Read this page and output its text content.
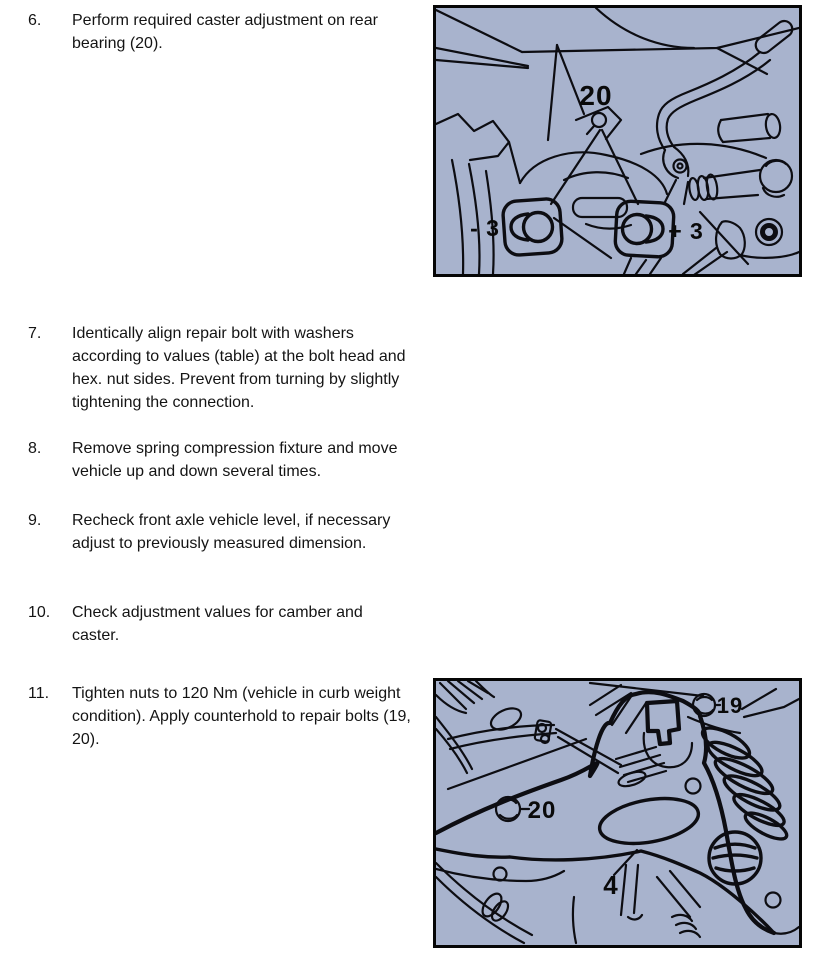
6.	Perform required caster adjustment on rear bearing (20).
7.	Identically align repair bolt with washers according to values (table) at the bolt head and hex. nut sides. Prevent from turning by slightly tightening the connection.
8.	Remove spring compression fixture and move vehicle up and down several times.
9.	Recheck front axle vehicle level, if necessary adjust to previously measured dimension.
10.	Check adjustment values for camber and caster.
11.	Tighten nuts to 120 Nm (vehicle in curb weight condition). Apply counterhold to repair bolts (19, 20).
20
- 3	+ 3
19
20
4
